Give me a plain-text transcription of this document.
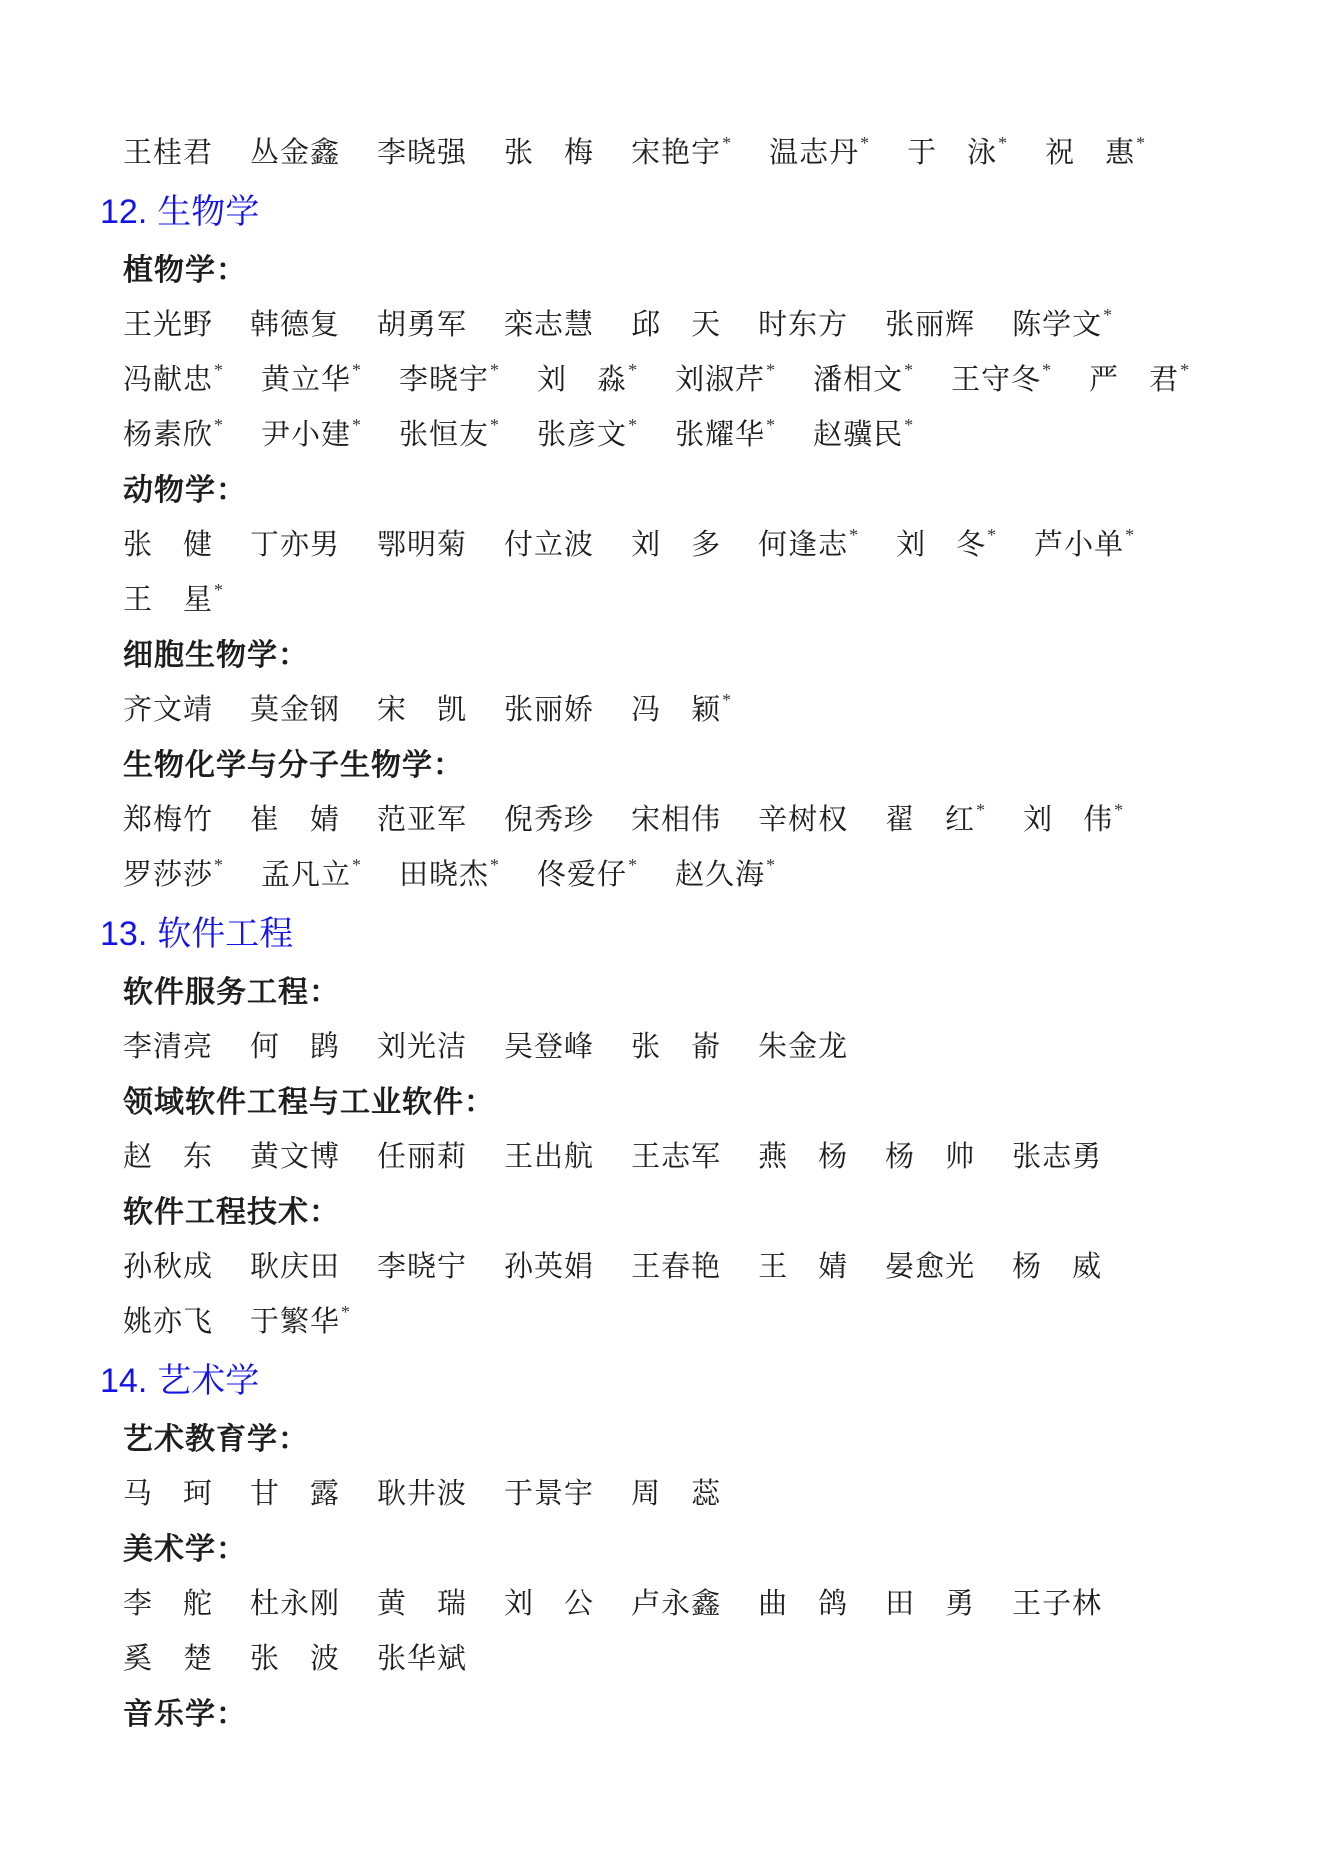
王桂君 丛金鑫 李晓强 张　梅 宋艳宇* 温志丹* 于　泳* 祝　惠*
12. 生物学
植物学：
王光野 韩德复 胡勇军 栾志慧 邱　天 时东方 张丽辉 陈学文*
冯献忠* 黄立华* 李晓宇* 刘　淼* 刘淑芹* 潘相文* 王守冬* 严　君*
杨素欣* 尹小建* 张恒友* 张彦文* 张耀华* 赵骥民*
动物学：
张　健 丁亦男 鄂明菊 付立波 刘　多 何逢志* 刘　冬* 芦小单*
王　星*
细胞生物学：
齐文靖 莫金钢 宋　凯 张丽娇 冯　颖*
生物化学与分子生物学：
郑梅竹 崔　婧 范亚军 倪秀珍 宋相伟 辛树权 翟　红* 刘　伟*
罗莎莎* 孟凡立* 田晓杰* 佟爱仔* 赵久海*
13. 软件工程
软件服务工程：
李清亮 何　鹍 刘光洁 吴登峰 张　嵛 朱金龙
领域软件工程与工业软件：
赵　东 黄文博 任丽莉 王出航 王志军 燕　杨 杨　帅 张志勇
软件工程技术：
孙秋成 耿庆田 李晓宁 孙英娟 王春艳 王　婧 晏愈光 杨　威
姚亦飞 于繁华*
14. 艺术学
艺术教育学：
马　珂 甘　露 耿井波 于景宇 周　蕊
美术学：
李　舵 杜永刚 黄　瑞 刘　公 卢永鑫 曲　鸽 田　勇 王子林
奚　楚 张　波 张华斌
音乐学：
